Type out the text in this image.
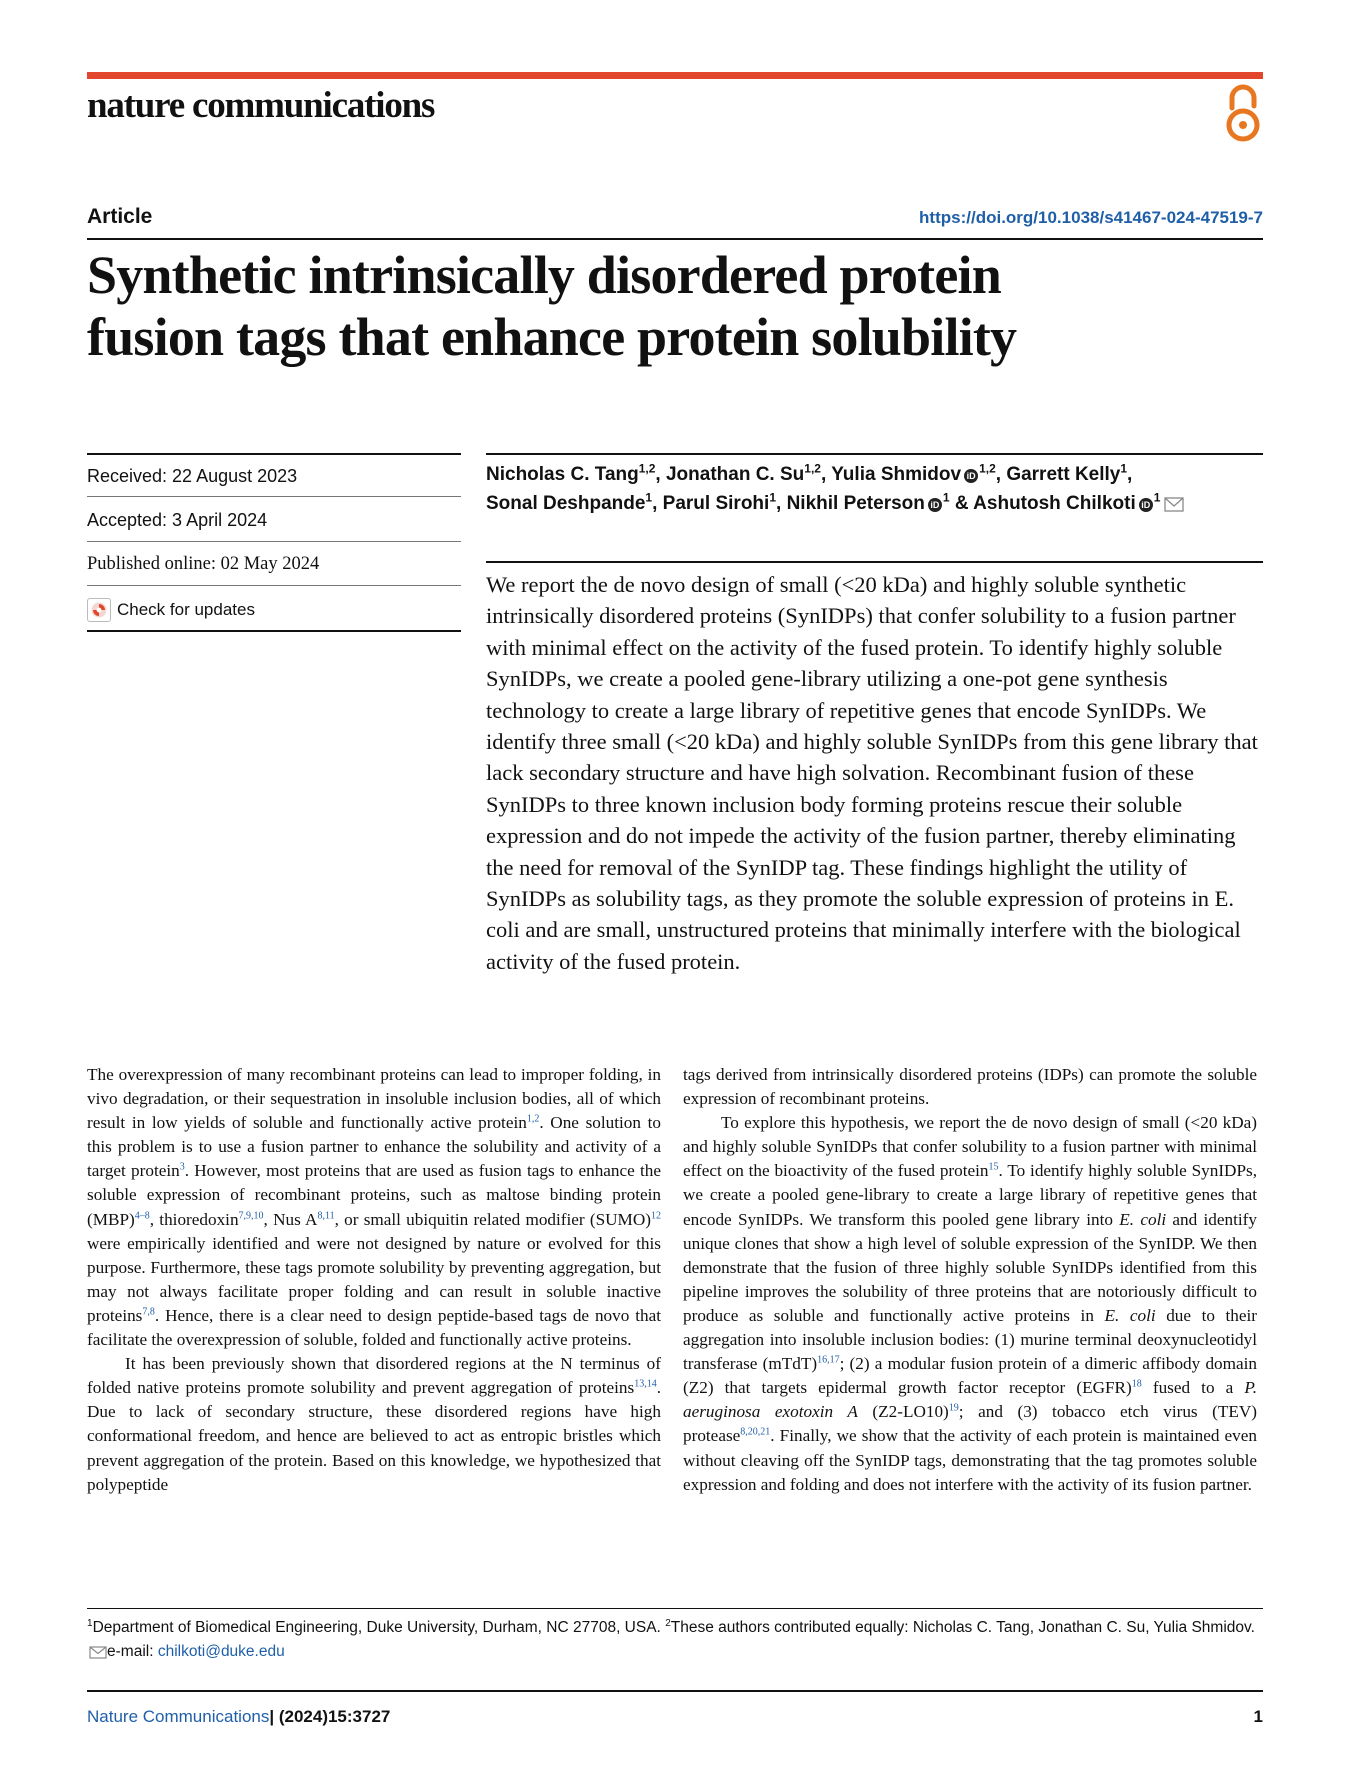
nature communications
Article	https://doi.org/10.1038/s41467-024-47519-7
Synthetic intrinsically disordered protein
fusion tags that enhance protein solubility
Received: 22 August 2023
Accepted: 3 April 2024
Published online: 02 May 2024
Check for updates
Nicholas C. Tang$^{1,2}$, Jonathan C. Su$^{1,2}$, Yulia Shmidov iD$^{1,2}$, Garrett Kelly$^1$,
Sonal Deshpande$^1$, Parul Sirohi$^1$, Nikhil Peterson $iD^1$ & Ashutosh Chilkoti $iD^1$
We report the de novo design of small (<20 kDa) and highly soluble synthetic intrinsically disordered proteins (SynIDPs) that confer solubility to a fusion partner with minimal effect on the activity of the fused protein. To identify highly soluble SynIDPs, we create a pooled gene-library utilizing a one-pot gene synthesis technology to create a large library of repetitive genes that encode SynIDPs. We identify three small (<20 kDa) and highly soluble SynIDPs from this gene library that lack secondary structure and have high solvation. Recombinant fusion of these SynIDPs to three known inclusion body forming proteins rescue their soluble expression and do not impede the activity of the fusion partner, thereby eliminating the need for removal of the SynIDP tag. These findings highlight the utility of SynIDPs as solubility tags, as they promote the soluble expression of proteins in E. coli and are small, unstructured proteins that minimally interfere with the biological activity of the fused protein.

The overexpression of many recombinant proteins can lead to improper folding, in vivo degradation, or their sequestration in insoluble inclusion bodies, all of which result in low yields of soluble and functionally active protein$^{1,2}$. One solution to this problem is to use a fusion partner to enhance the solubility and activity of a target protein$^3$. However, most proteins that are used as fusion tags to enhance the soluble expression of recombinant proteins, such as maltose binding protein (MBP)$^{4-8}$, thioredoxin$^{7,9,10}$, Nus A$^{8,11}$, or small ubiquitin related modifier (SUMO)$^{12}$ were empirically identified and were not designed by nature or evolved for this purpose. Furthermore, these tags promote solubility by preventing aggregation, but may not always facilitate proper folding and can result in soluble inactive proteins$^{7,8}$. Hence, there is a clear need to design peptide-based tags de novo that facilitate the overexpression of soluble, folded and functionally active proteins.

It has been previously shown that disordered regions at the N terminus of folded native proteins promote solubility and prevent aggregation of proteins$^{13,14}$. Due to lack of secondary structure, these disordered regions have high conformational freedom, and hence are believed to act as entropic bristles which prevent aggregation of the protein. Based on this knowledge, we hypothesized that polypeptide

tags derived from intrinsically disordered proteins (IDPs) can promote the soluble expression of recombinant proteins.

To explore this hypothesis, we report the de novo design of small (<20 kDa) and highly soluble SynIDPs that confer solubility to a fusion partner with minimal effect on the bioactivity of the fused protein$^{15}$. To identify highly soluble SynIDPs, we create a pooled gene-library to create a large library of repetitive genes that encode SynIDPs. We transform this pooled gene library into E. coli and identify unique clones that show a high level of soluble expression of the SynIDP. We then demonstrate that the fusion of three highly soluble SynIDPs identified from this pipeline improves the solubility of three proteins that are notoriously difficult to produce as soluble and functionally active proteins in E. coli due to their aggregation into insoluble inclusion bodies: (1) murine terminal deoxynucleotidyl transferase (mTdT)$^{16,17}$; (2) a modular fusion protein of a dimeric affibody domain (Z2) that targets epidermal growth factor receptor (EGFR)$^{18}$ fused to a P. aeruginosa exotoxin A $(Z2-LO10)^{19}$; and (3) tobacco etch virus (TEV) protease$^{8,20,21}$. Finally, we show that the activity of each protein is maintained even without cleaving off the SynIDP tags, demonstrating that the tag promotes soluble expression and folding and does not interfere with the activity of its fusion partner.

$^1$Department of Biomedical Engineering, Duke University, Durham, NC 27708, USA. $^2$These authors contributed equally: Nicholas C. Tang, Jonathan C. Su, Yulia Shmidov. e-mail: chilkoti@duke.edu
Nature Communications| (2024)15:3727	1
